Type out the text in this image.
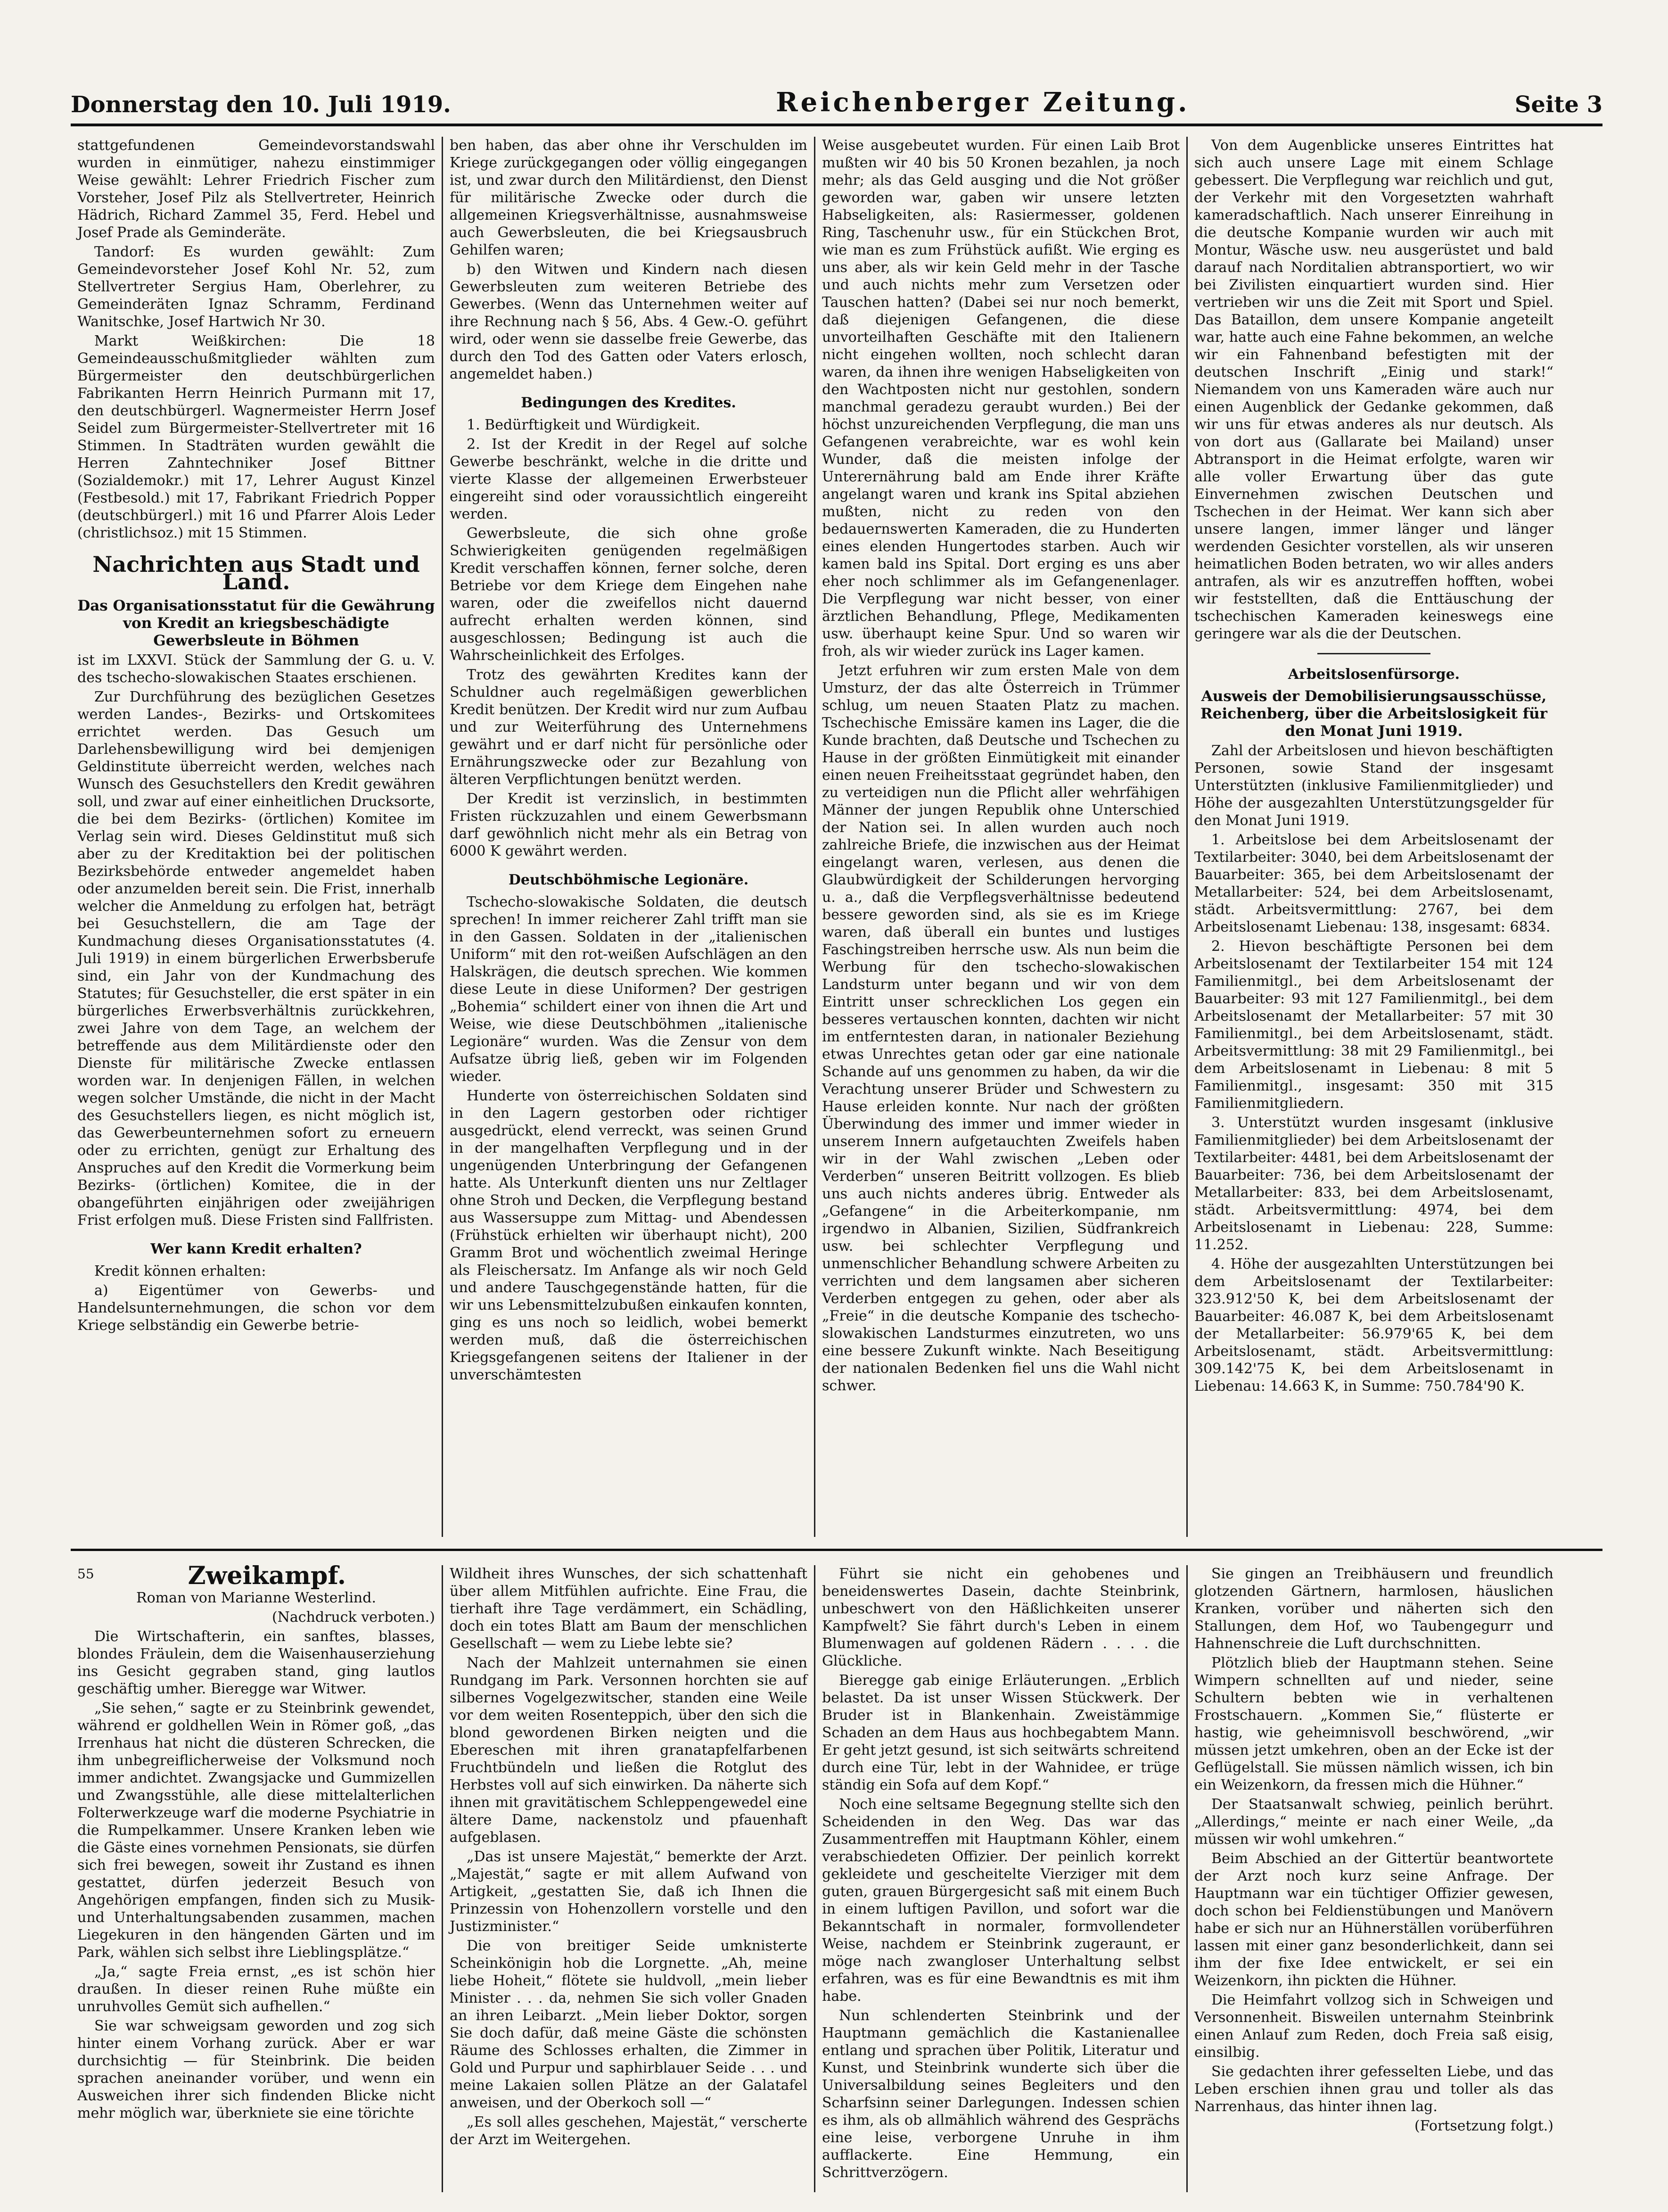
Donnerstag den 10. Juli 1919.	Reichenberger Zeitung.	Seite 3

stattgefundenen Gemeindevorstandswahl wurden in einmütiger, nahezu einstimmiger Weise gewählt: Lehrer Friedrich Fischer zum Vorsteher, Josef Pilz als Stellvertreter, Heinrich Hädrich, Richard Zammel 35, Ferd. Hebel und Josef Prade als Geminderäte.

Tandorf: Es wurden gewählt: Zum Gemeindevorsteher Josef Kohl Nr. 52, zum Stellvertreter Sergius Ham, Oberlehrer, zu Gemeinderäten Ignaz Schramm, Ferdinand Wanitschke, Josef Hartwich Nr 30.

Markt Weißkirchen: Die 18 Gemeindeausschußmitglieder wählten zum Bürgermeister den deutschbürgerlichen Fabrikanten Herrn Heinrich Purmann mit 17, den deutschbürgerl. Wagnermeister Herrn Josef Seidel zum Bürgermeister-Stellvertreter mit 16 Stimmen. In Stadträten wurden gewählt die Herren Zahntechniker Josef Bittner (Sozialdemokr.) mit 17, Lehrer August Kinzel (Festbesold.) mit 17, Fabrikant Friedrich Popper (deutschbürgerl.) mit 16 und Pfarrer Alois Leder (christlichsoz.) mit 15 Stimmen.

Nachrichten aus Stadt und Land.

Das Organisationsstatut für die Gewährung von Kredit an kriegsbeschädigte Gewerbsleute in Böhmen

ist im LXXVI. Stück der Sammlung der G. u. V. des tschecho-slowakischen Staates erschienen.

Zur Durchführung des bezüglichen Gesetzes werden Landes-, Bezirks- und Ortskomitees errichtet werden. Das Gesuch um Darlehensbewilligung wird bei demjenigen Geldinstitute überreicht werden, welches nach Wunsch des Gesuchstellers den Kredit gewähren soll, und zwar auf einer einheitlichen Drucksorte, die bei dem Bezirks- (örtlichen) Komitee im Verlag sein wird. Dieses Geldinstitut muß sich aber zu der Kreditaktion bei der politischen Bezirksbehörde entweder angemeldet haben oder anzumelden bereit sein. Die Frist, innerhalb welcher die Anmeldung zu erfolgen hat, beträgt bei Gesuchstellern, die am Tage der Kundmachung dieses Organisationsstatutes (4. Juli 1919) in einem bürgerlichen Erwerbsberufe sind, ein Jahr von der Kundmachung des Statutes; für Gesuchsteller, die erst später in ein bürgerliches Erwerbsverhältnis zurückkehren, zwei Jahre von dem Tage, an welchem der betreffende aus dem Militärdienste oder den Dienste für militärische Zwecke entlassen worden war. In denjenigen Fällen, in welchen wegen solcher Umstände, die nicht in der Macht des Gesuchstellers liegen, es nicht möglich ist, das Gewerbeunternehmen sofort zu erneuern oder zu errichten, genügt zur Erhaltung des Anspruches auf den Kredit die Vormerkung beim Bezirks- (örtlichen) Komitee, die in der obangeführten einjährigen oder zweijährigen Frist erfolgen muß. Diese Fristen sind Fallfristen.

Wer kann Kredit erhalten?

Kredit können erhalten:

a) Eigentümer von Gewerbs- und Handelsunternehmungen, die schon vor dem Kriege selbständig ein Gewerbe betrie-

ben haben, das aber ohne ihr Verschulden im Kriege zurückgegangen oder völlig eingegangen ist, und zwar durch den Militärdienst, den Dienst für militärische Zwecke oder durch die allgemeinen Kriegsverhältnisse, ausnahmsweise auch Gewerbsleuten, die bei Kriegsausbruch Gehilfen waren;

b) den Witwen und Kindern nach diesen Gewerbsleuten zum weiteren Betriebe des Gewerbes. (Wenn das Unternehmen weiter auf ihre Rechnung nach § 56, Abs. 4 Gew.-O. geführt wird, oder wenn sie dasselbe freie Gewerbe, das durch den Tod des Gatten oder Vaters erlosch, angemeldet haben.)

Bedingungen des Kredites.

1. Bedürftigkeit und Würdigkeit.

2. Ist der Kredit in der Regel auf solche Gewerbe beschränkt, welche in die dritte und vierte Klasse der allgemeinen Erwerbsteuer eingereiht sind oder voraussichtlich eingereiht werden.

Gewerbsleute, die sich ohne große Schwierigkeiten genügenden regelmäßigen Kredit verschaffen können, ferner solche, deren Betriebe vor dem Kriege dem Eingehen nahe waren, oder die zweifellos nicht dauernd aufrecht erhalten werden können, sind ausgeschlossen; Bedingung ist auch die Wahrscheinlichkeit des Erfolges.

Trotz des gewährten Kredites kann der Schuldner auch regelmäßigen gewerblichen Kredit benützen. Der Kredit wird nur zum Aufbau und zur Weiterführung des Unternehmens gewährt und er darf nicht für persönliche oder Ernährungszwecke oder zur Bezahlung von älteren Verpflichtungen benützt werden.

Der Kredit ist verzinslich, in bestimmten Fristen rückzuzahlen und einem Gewerbsmann darf gewöhnlich nicht mehr als ein Betrag von 6000 K gewährt werden.

Deutschböhmische Legionäre.

Tschecho-slowakische Soldaten, die deutsch sprechen! In immer reicherer Zahl trifft man sie in den Gassen. Soldaten in der „italienischen Uniform“ mit den rot-weißen Aufschlägen an den Halskrägen, die deutsch sprechen. Wie kommen diese Leute in diese Uniformen? Der gestrigen „Bohemia“ schildert einer von ihnen die Art und Weise, wie diese Deutschböhmen „italienische Legionäre“ wurden. Was die Zensur von dem Aufsatze übrig ließ, geben wir im Folgenden wieder.

Hunderte von österreichischen Soldaten sind in den Lagern gestorben oder richtiger ausgedrückt, elend verreckt, was seinen Grund in der mangelhaften Verpflegung und in der ungenügenden Unterbringung der Gefangenen hatte. Als Unterkunft dienten uns nur Zeltlager ohne Stroh und Decken, die Verpflegung bestand aus Wassersuppe zum Mittag- und Abendessen (Frühstück erhielten wir überhaupt nicht), 200 Gramm Brot und wöchentlich zweimal Heringe als Fleischersatz. Im Anfange als wir noch Geld und andere Tauschgegenstände hatten, für die wir uns Lebensmittelzubußen einkaufen konnten, ging es uns noch so leidlich, wobei bemerkt werden muß, daß die österreichischen Kriegsgefangenen seitens der Italiener in der unverschämtesten

Weise ausgebeutet wurden. Für einen Laib Brot mußten wir 40 bis 50 Kronen bezahlen, ja noch mehr; als das Geld ausging und die Not größer geworden war, gaben wir unsere letzten Habseligkeiten, als: Rasiermesser, goldenen Ring, Taschenuhr usw., für ein Stückchen Brot, wie man es zum Frühstück aufißt. Wie erging es uns aber, als wir kein Geld mehr in der Tasche und auch nichts mehr zum Versetzen oder Tauschen hatten? (Dabei sei nur noch bemerkt, daß diejenigen Gefangenen, die diese unvorteilhaften Geschäfte mit den Italienern nicht eingehen wollten, noch schlecht daran waren, da ihnen ihre wenigen Habseligkeiten von den Wachtposten nicht nur gestohlen, sondern manchmal geradezu geraubt wurden.) Bei der höchst unzureichenden Verpflegung, die man uns Gefangenen verabreichte, war es wohl kein Wunder, daß die meisten infolge der Unterernährung bald am Ende ihrer Kräfte angelangt waren und krank ins Spital abziehen mußten, nicht zu reden von den bedauernswerten Kameraden, die zu Hunderten eines elenden Hungertodes starben. Auch wir kamen bald ins Spital. Dort erging es uns aber eher noch schlimmer als im Gefangenenlager. Die Verpflegung war nicht besser, von einer ärztlichen Behandlung, Pflege, Medikamenten usw. überhaupt keine Spur. Und so waren wir froh, als wir wieder zurück ins Lager kamen.

Jetzt erfuhren wir zum ersten Male von dem Umsturz, der das alte Österreich in Trümmer schlug, um neuen Staaten Platz zu machen. Tschechische Emissäre kamen ins Lager, die die Kunde brachten, daß Deutsche und Tschechen zu Hause in der größten Einmütigkeit mit einander einen neuen Freiheitsstaat gegründet haben, den zu verteidigen nun die Pflicht aller wehrfähigen Männer der jungen Republik ohne Unterschied der Nation sei. In allen wurden auch noch zahlreiche Briefe, die inzwischen aus der Heimat eingelangt waren, verlesen, aus denen die Glaubwürdigkeit der Schilderungen hervorging u. a., daß die Verpflegsverhältnisse bedeutend bessere geworden sind, als sie es im Kriege waren, daß überall ein buntes und lustiges Faschingstreiben herrsche usw. Als nun beim die Werbung für den tschecho-slowakischen Landsturm unter begann und wir von dem Eintritt unser schrecklichen Los gegen ein besseres vertauschen konnten, dachten wir nicht im entferntesten daran, in nationaler Beziehung etwas Unrechtes getan oder gar eine nationale Schande auf uns genommen zu haben, da wir die Verachtung unserer Brüder und Schwestern zu Hause erleiden konnte. Nur nach der größten Überwindung des immer und immer wieder in unserem Innern aufgetauchten Zweifels haben wir in der Wahl zwischen „Leben oder Verderben“ unseren Beitritt vollzogen. Es blieb uns auch nichts anderes übrig. Entweder als „Gefangene“ in die Arbeiterkompanie, nm irgendwo in Albanien, Sizilien, Südfrankreich usw. bei schlechter Verpflegung und unmenschlicher Behandlung schwere Arbeiten zu verrichten und dem langsamen aber sicheren Verderben entgegen zu gehen, oder aber als „Freie“ in die deutsche Kompanie des tschecho-slowakischen Landsturmes einzutreten, wo uns eine bessere Zukunft winkte. Nach Beseitigung der nationalen Bedenken fiel uns die Wahl nicht schwer.

Von dem Augenblicke unseres Eintrittes hat sich auch unsere Lage mit einem Schlage gebessert. Die Verpflegung war reichlich und gut, der Verkehr mit den Vorgesetzten wahrhaft kameradschaftlich. Nach unserer Einreihung in die deutsche Kompanie wurden wir auch mit Montur, Wäsche usw. neu ausgerüstet und bald darauf nach Norditalien abtransportiert, wo wir bei Zivilisten einquartiert wurden sind. Hier vertrieben wir uns die Zeit mit Sport und Spiel. Das Bataillon, dem unsere Kompanie angeteilt war, hatte auch eine Fahne bekommen, an welche wir ein Fahnenband befestigten mit der deutschen Inschrift „Einig und stark!“ Niemandem von uns Kameraden wäre auch nur einen Augenblick der Gedanke gekommen, daß wir uns für etwas anderes als nur deutsch. Als von dort aus (Gallarate bei Mailand) unser Abtransport in die Heimat erfolgte, waren wir alle voller Erwartung über das gute Einvernehmen zwischen Deutschen und Tschechen in der Heimat. Wer kann sich aber unsere langen, immer länger und länger werdenden Gesichter vorstellen, als wir unseren heimatlichen Boden betraten, wo wir alles anders antrafen, als wir es anzutreffen hofften, wobei wir feststellten, daß die Enttäuschung der tschechischen Kameraden keineswegs eine geringere war als die der Deutschen.

Arbeitslosenfürsorge.

Ausweis der Demobilisierungsausschüsse, Reichenberg, über die Arbeitslosigkeit für den Monat Juni 1919.

Zahl der Arbeitslosen und hievon beschäftigten Personen, sowie Stand der insgesamt Unterstützten (inklusive Familienmitglieder) und Höhe der ausgezahlten Unterstützungsgelder für den Monat Juni 1919.

1. Arbeitslose bei dem Arbeitslosenamt der Textilarbeiter: 3040, bei dem Arbeitslosenamt der Bauarbeiter: 365, bei dem Arbeitslosenamt der Metallarbeiter: 524, bei dem Arbeitslosenamt, städt. Arbeitsvermittlung: 2767, bei dem Arbeitslosenamt Liebenau: 138, insgesamt: 6834.

2. Hievon beschäftigte Personen bei dem Arbeitslosenamt der Textilarbeiter 154 mit 124 Familienmitgl., bei dem Arbeitslosenamt der Bauarbeiter: 93 mit 127 Familienmitgl., bei dem Arbeitslosenamt der Metallarbeiter: 57 mit 30 Familienmitgl., bei dem Arbeitslosenamt, städt. Arbeitsvermittlung: 38 mit 29 Familienmitgl., bei dem Arbeitslosenamt in Liebenau: 8 mit 5 Familienmitgl., insgesamt: 350 mit 315 Familienmitgliedern.

3. Unterstützt wurden insgesamt (inklusive Familienmitglieder) bei dem Arbeitslosenamt der Textilarbeiter: 4481, bei dem Arbeitslosenamt der Bauarbeiter: 736, bei dem Arbeitslosenamt der Metallarbeiter: 833, bei dem Arbeitslosenamt, städt. Arbeitsvermittlung: 4974, bei dem Arbeitslosenamt in Liebenau: 228, Summe: 11.252.

4. Höhe der ausgezahlten Unterstützungen bei dem Arbeitslosenamt der Textilarbeiter: 323.912'50 K, bei dem Arbeitslosenamt der Bauarbeiter: 46.087 K, bei dem Arbeitslosenamt der Metallarbeiter: 56.979'65 K, bei dem Arbeitslosenamt, städt. Arbeitsvermittlung: 309.142'75 K, bei dem Arbeitslosenamt in Liebenau: 14.663 K, in Summe: 750.784'90 K.

55	Zweikampf.

Roman von Marianne Westerlind.

(Nachdruck verboten.)

Die Wirtschafterin, ein sanftes, blasses, blondes Fräulein, dem die Waisenhauserziehung ins Gesicht gegraben stand, ging lautlos geschäftig umher. Bieregge war Witwer.

„Sie sehen,“ sagte er zu Steinbrink gewendet, während er goldhellen Wein in Römer goß, „das Irrenhaus hat nicht die düsteren Schrecken, die ihm unbegreiflicherweise der Volksmund noch immer andichtet. Zwangsjacke und Gummizellen und Zwangsstühle, alle diese mittelalterlichen Folterwerkzeuge warf die moderne Psychiatrie in die Rumpelkammer. Unsere Kranken leben wie die Gäste eines vornehmen Pensionats, sie dürfen sich frei bewegen, soweit ihr Zustand es ihnen gestattet, dürfen jederzeit Besuch von Angehörigen empfangen, finden sich zu Musik- und Unterhaltungsabenden zusammen, machen Liegekuren in den hängenden Gärten und im Park, wählen sich selbst ihre Lieblingsplätze.“

„Ja,“ sagte Freia ernst, „es ist schön hier draußen. In dieser reinen Ruhe müßte ein unruhvolles Gemüt sich aufhellen.“

Sie war schweigsam geworden und zog sich hinter einem Vorhang zurück. Aber er war durchsichtig — für Steinbrink. Die beiden sprachen aneinander vorüber, und wenn ein Ausweichen ihrer sich findenden Blicke nicht mehr möglich war, überkniete sie eine törichte

Wildheit ihres Wunsches, der sich schattenhaft über allem Mitfühlen aufrichte. Eine Frau, die tierhaft ihre Tage verdämmert, ein Schädling, doch ein totes Blatt am Baum der menschlichen Gesellschaft — wem zu Liebe lebte sie?

Nach der Mahlzeit unternahmen sie einen Rundgang im Park. Versonnen horchten sie auf silbernes Vogelgezwitscher, standen eine Weile vor dem weiten Rosenteppich, über den sich die blond gewordenen Birken neigten und die Ebereschen mit ihren granatapfelfarbenen Fruchtbündeln und ließen die Rotglut des Herbstes voll auf sich einwirken. Da näherte sich ihnen mit gravitätischem Schleppengewedel eine ältere Dame, nackenstolz und pfauenhaft aufgeblasen.

„Das ist unsere Majestät,“ bemerkte der Arzt. „Majestät,“ sagte er mit allem Aufwand von Artigkeit, „gestatten Sie, daß ich Ihnen die Prinzessin von Hohenzollern vorstelle und den Justizminister.“

Die von breitiger Seide umknisterte Scheinkönigin hob die Lorgnette. „Ah, meine liebe Hoheit,“ flötete sie huldvoll, „mein lieber Minister . . . da, nehmen Sie sich voller Gnaden an ihren Leibarzt. „Mein lieber Doktor, sorgen Sie doch dafür, daß meine Gäste die schönsten Räume des Schlosses erhalten, die Zimmer in Gold und Purpur und saphirblauer Seide . . . und meine Lakaien sollen Plätze an der Galatafel anweisen, und der Oberkoch soll —“

„Es soll alles geschehen, Majestät,“ verscherte der Arzt im Weitergehen.

Führt sie nicht ein gehobenes und beneidenswertes Dasein, dachte Steinbrink, unbeschwert von den Häßlichkeiten unserer Kampfwelt? Sie fährt durch's Leben in einem Blumenwagen auf goldenen Rädern . . . . die Glückliche.

Bieregge gab einige Erläuterungen. „Erblich belastet. Da ist unser Wissen Stückwerk. Der Bruder ist in Blankenhain. Zweistämmige Schaden an dem Haus aus hochbegabtem Mann. Er geht jetzt gesund, ist sich seitwärts schreitend durch eine Tür, lebt in der Wahnidee, er trüge ständig ein Sofa auf dem Kopf.“

Noch eine seltsame Begegnung stellte sich den Scheidenden in den Weg. Das war das Zusammentreffen mit Hauptmann Köhler, einem verabschiedeten Offizier. Der peinlich korrekt gekleidete und gescheitelte Vierziger mit dem guten, grauen Bürgergesicht saß mit einem Buch in einem luftigen Pavillon, und sofort war die Bekanntschaft in normaler, formvollendeter Weise, nachdem er Steinbrink zugeraunt, er möge nach zwangloser Unterhaltung selbst erfahren, was es für eine Bewandtnis es mit ihm habe.

Nun schlenderten Steinbrink und der Hauptmann gemächlich die Kastanienallee entlang und sprachen über Politik, Literatur und Kunst, und Steinbrink wunderte sich über die Universalbildung seines Begleiters und den Scharfsinn seiner Darlegungen. Indessen schien es ihm, als ob allmählich während des Gesprächs eine leise, verborgene Unruhe in ihm aufflackerte. Eine Hemmung, ein Schrittverzögern.

Sie gingen an Treibhäusern und freundlich glotzenden Gärtnern, harmlosen, häuslichen Kranken, vorüber und näherten sich den Stallungen, dem Hof, wo Taubengegurr und Hahnenschreie die Luft durchschnitten.

Plötzlich blieb der Hauptmann stehen. Seine Wimpern schnellten auf und nieder, seine Schultern bebten wie in verhaltenen Frostschauern. „Kommen Sie,“ flüsterte er hastig, wie geheimnisvoll beschwörend, „wir müssen jetzt umkehren, oben an der Ecke ist der Geflügelstall. Sie müssen nämlich wissen, ich bin ein Weizenkorn, da fressen mich die Hühner.“

Der Staatsanwalt schwieg, peinlich berührt. „Allerdings,“ meinte er nach einer Weile, „da müssen wir wohl umkehren.“

Beim Abschied an der Gittertür beantwortete der Arzt noch kurz seine Anfrage. Der Hauptmann war ein tüchtiger Offizier gewesen, doch schon bei Feldienstübungen und Manövern habe er sich nur an Hühnerställen vorüberführen lassen mit einer ganz besonderlichkeit, dann sei ihm der fixe Idee entwickelt, er sei ein Weizenkorn, ihn pickten die Hühner.

Die Heimfahrt vollzog sich in Schweigen und Versonnenheit. Bisweilen unternahm Steinbrink einen Anlauf zum Reden, doch Freia saß eisig, einsilbig.

Sie gedachten ihrer gefesselten Liebe, und das Leben erschien ihnen grau und toller als das Narrenhaus, das hinter ihnen lag.

(Fortsetzung folgt.)
